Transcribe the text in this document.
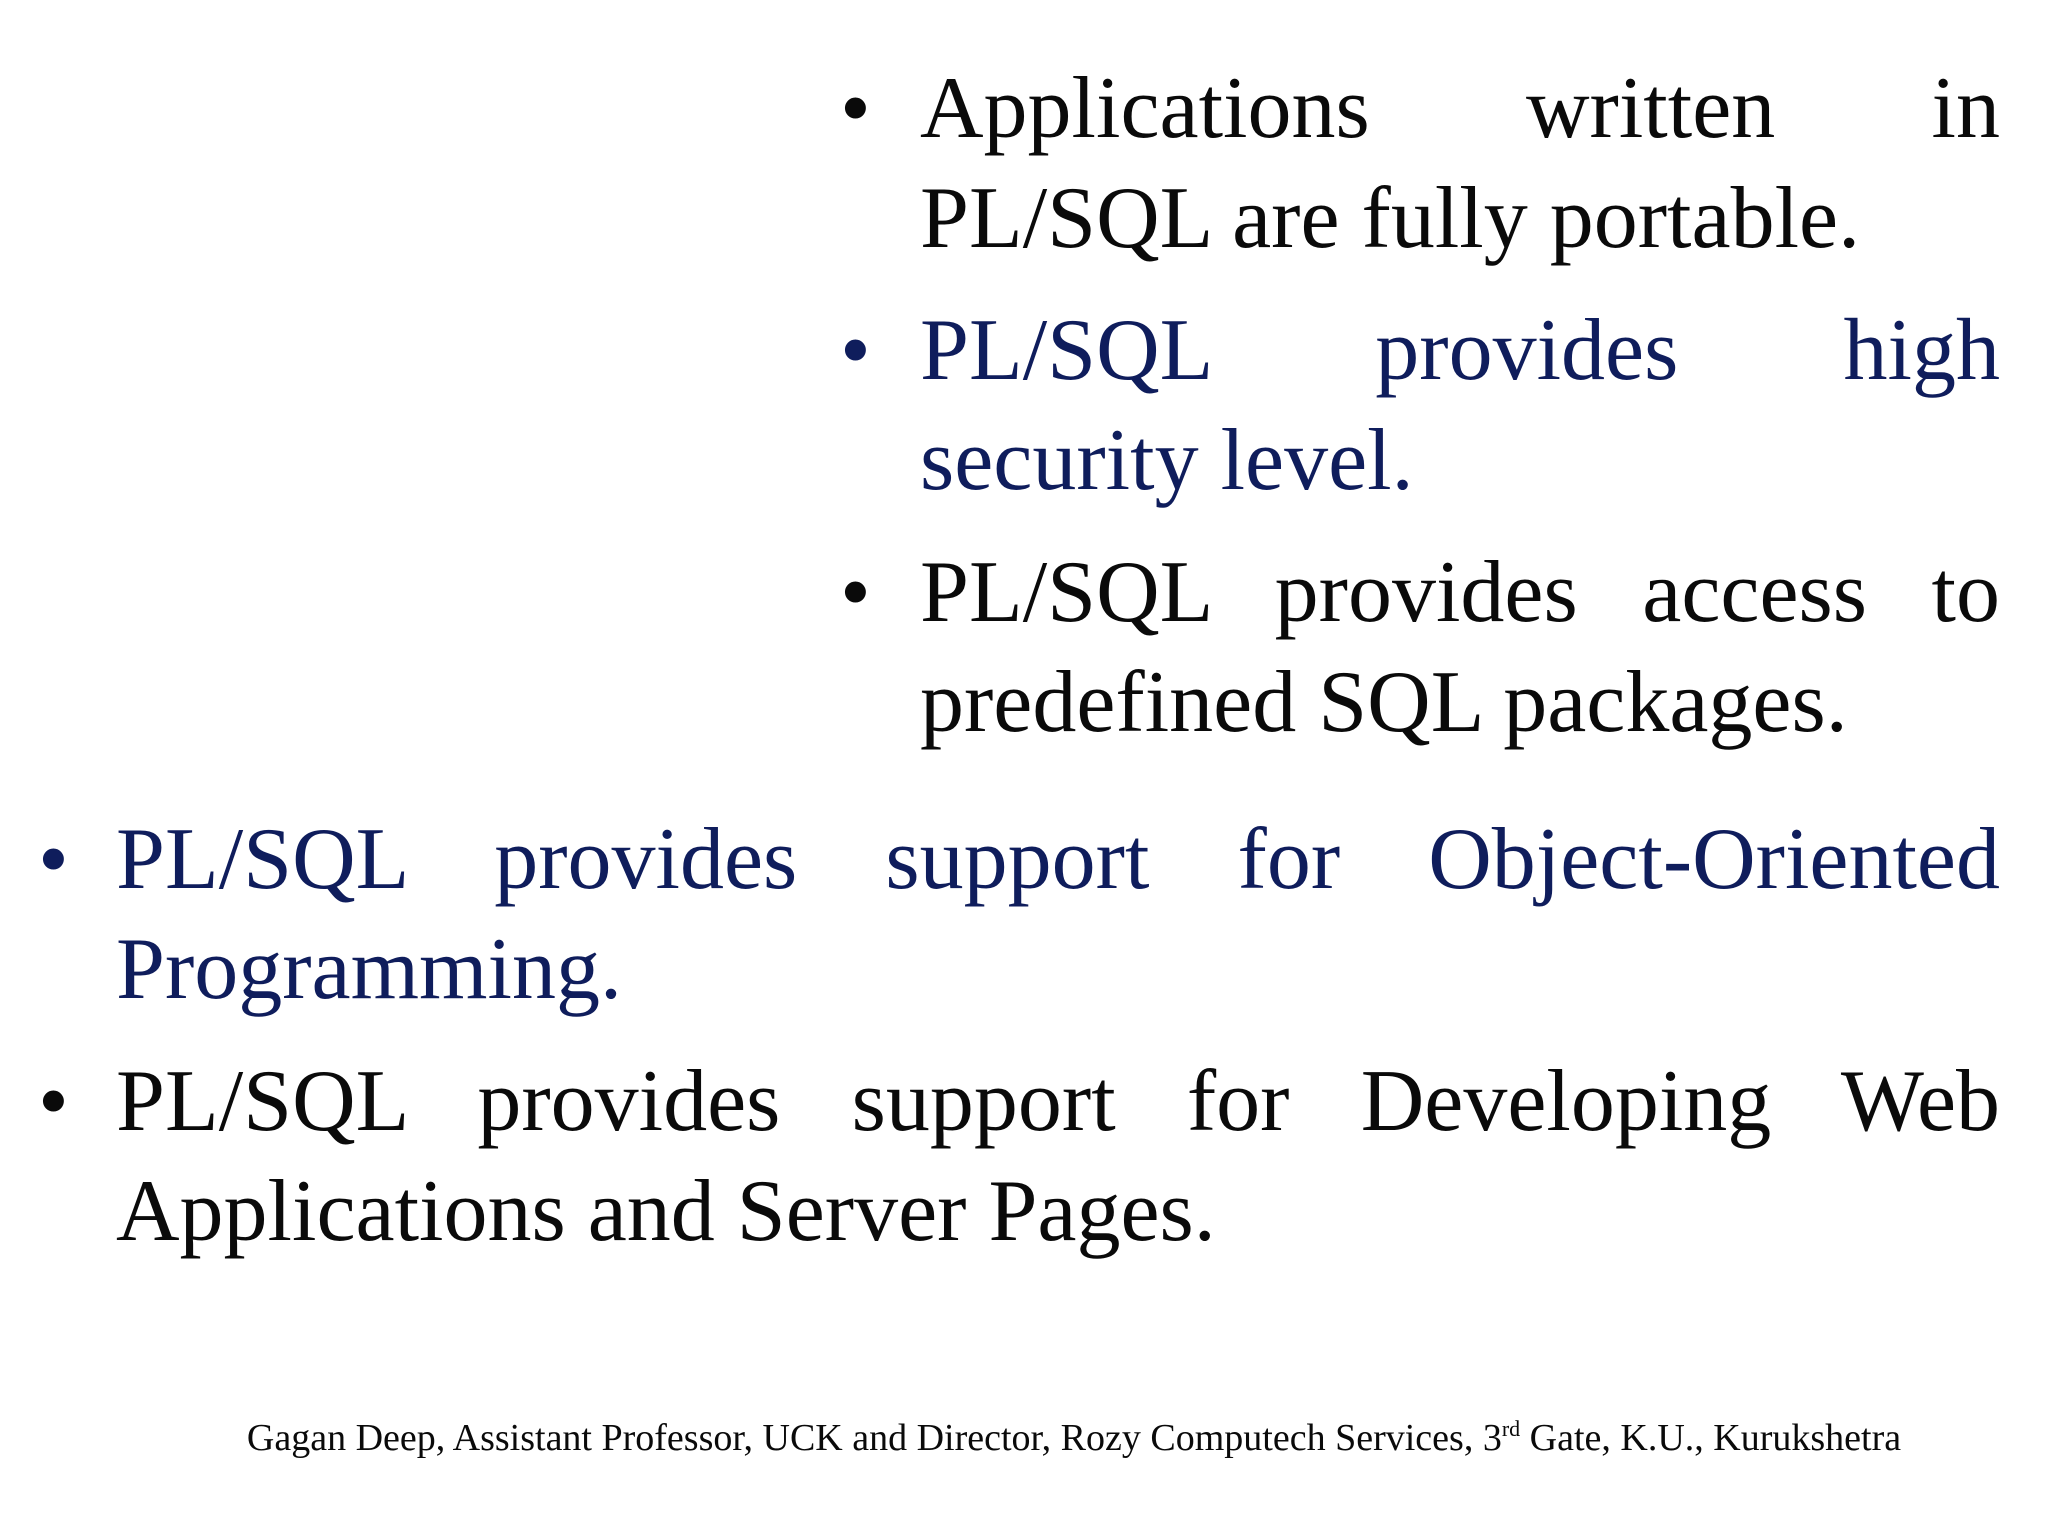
• Applications written in PL/SQL are fully portable.
• PL/SQL provides high security level.
• PL/SQL provides access to predefined SQL packages.
• PL/SQL provides support for Object-Oriented Programming.
• PL/SQL provides support for Developing Web Applications and Server Pages.
Gagan Deep, Assistant Professor, UCK and Director, Rozy Computech Services, 3rd Gate, K.U., Kurukshetra
